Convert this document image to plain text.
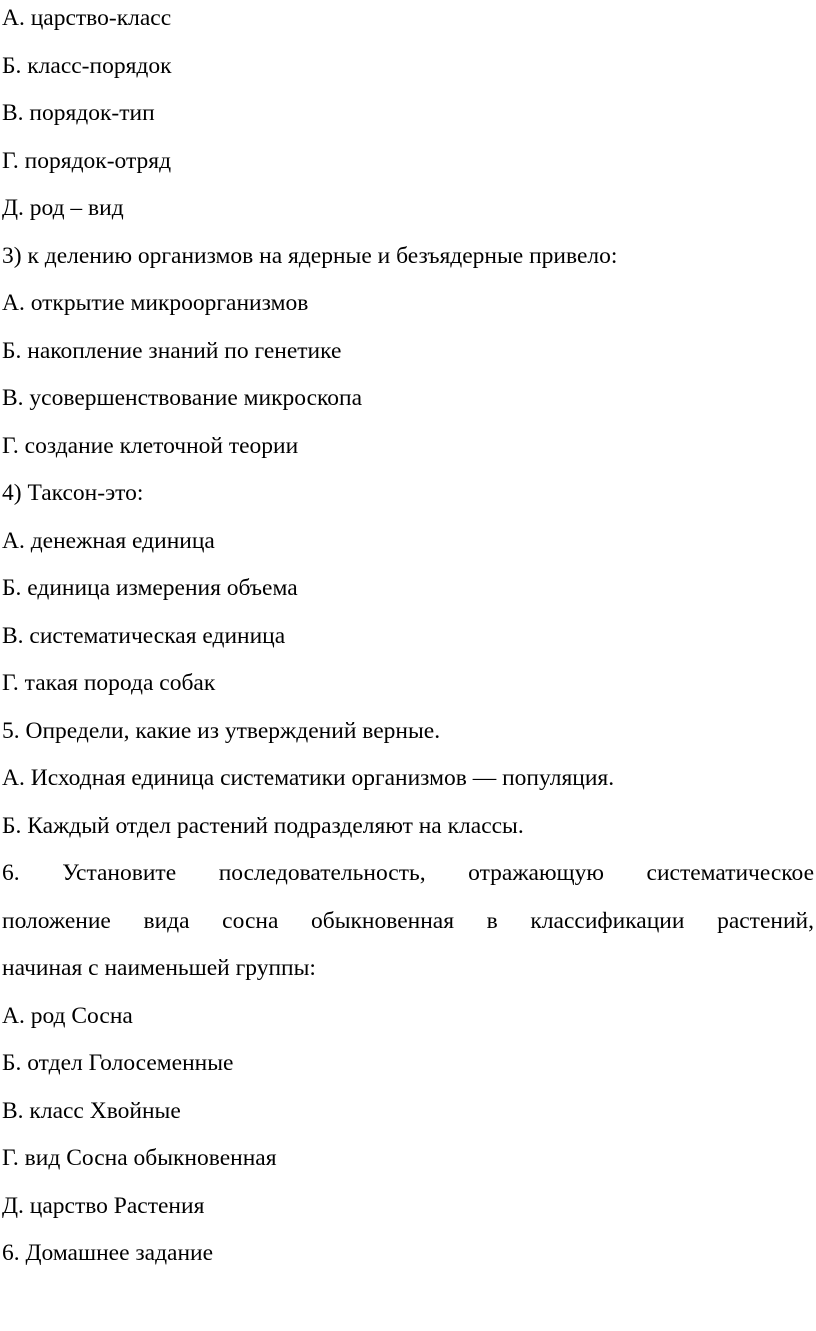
А. царство-класс
Б. класс-порядок
В. порядок-тип
Г. порядок-отряд
Д. род – вид
3) к делению организмов на ядерные и безъядерные привело:
А. открытие микроорганизмов
Б. накопление знаний по генетике
В. усовершенствование микроскопа
Г. создание клеточной теории
4) Таксон-это:
А. денежная единица
Б. единица измерения объема
В. систематическая единица
Г. такая порода собак
5. Определи, какие из утверждений верные.
А. Исходная единица систематики организмов — популяция.
Б. Каждый отдел растений подразделяют на классы.
6. Установите последовательность, отражающую систематическое
положение вида сосна обыкновенная в классификации растений,
начиная с наименьшей группы:
А. род Сосна
Б. отдел Голосеменные
В. класс Хвойные
Г. вид Сосна обыкновенная
Д. царство Растения
6. Домашнее задание
